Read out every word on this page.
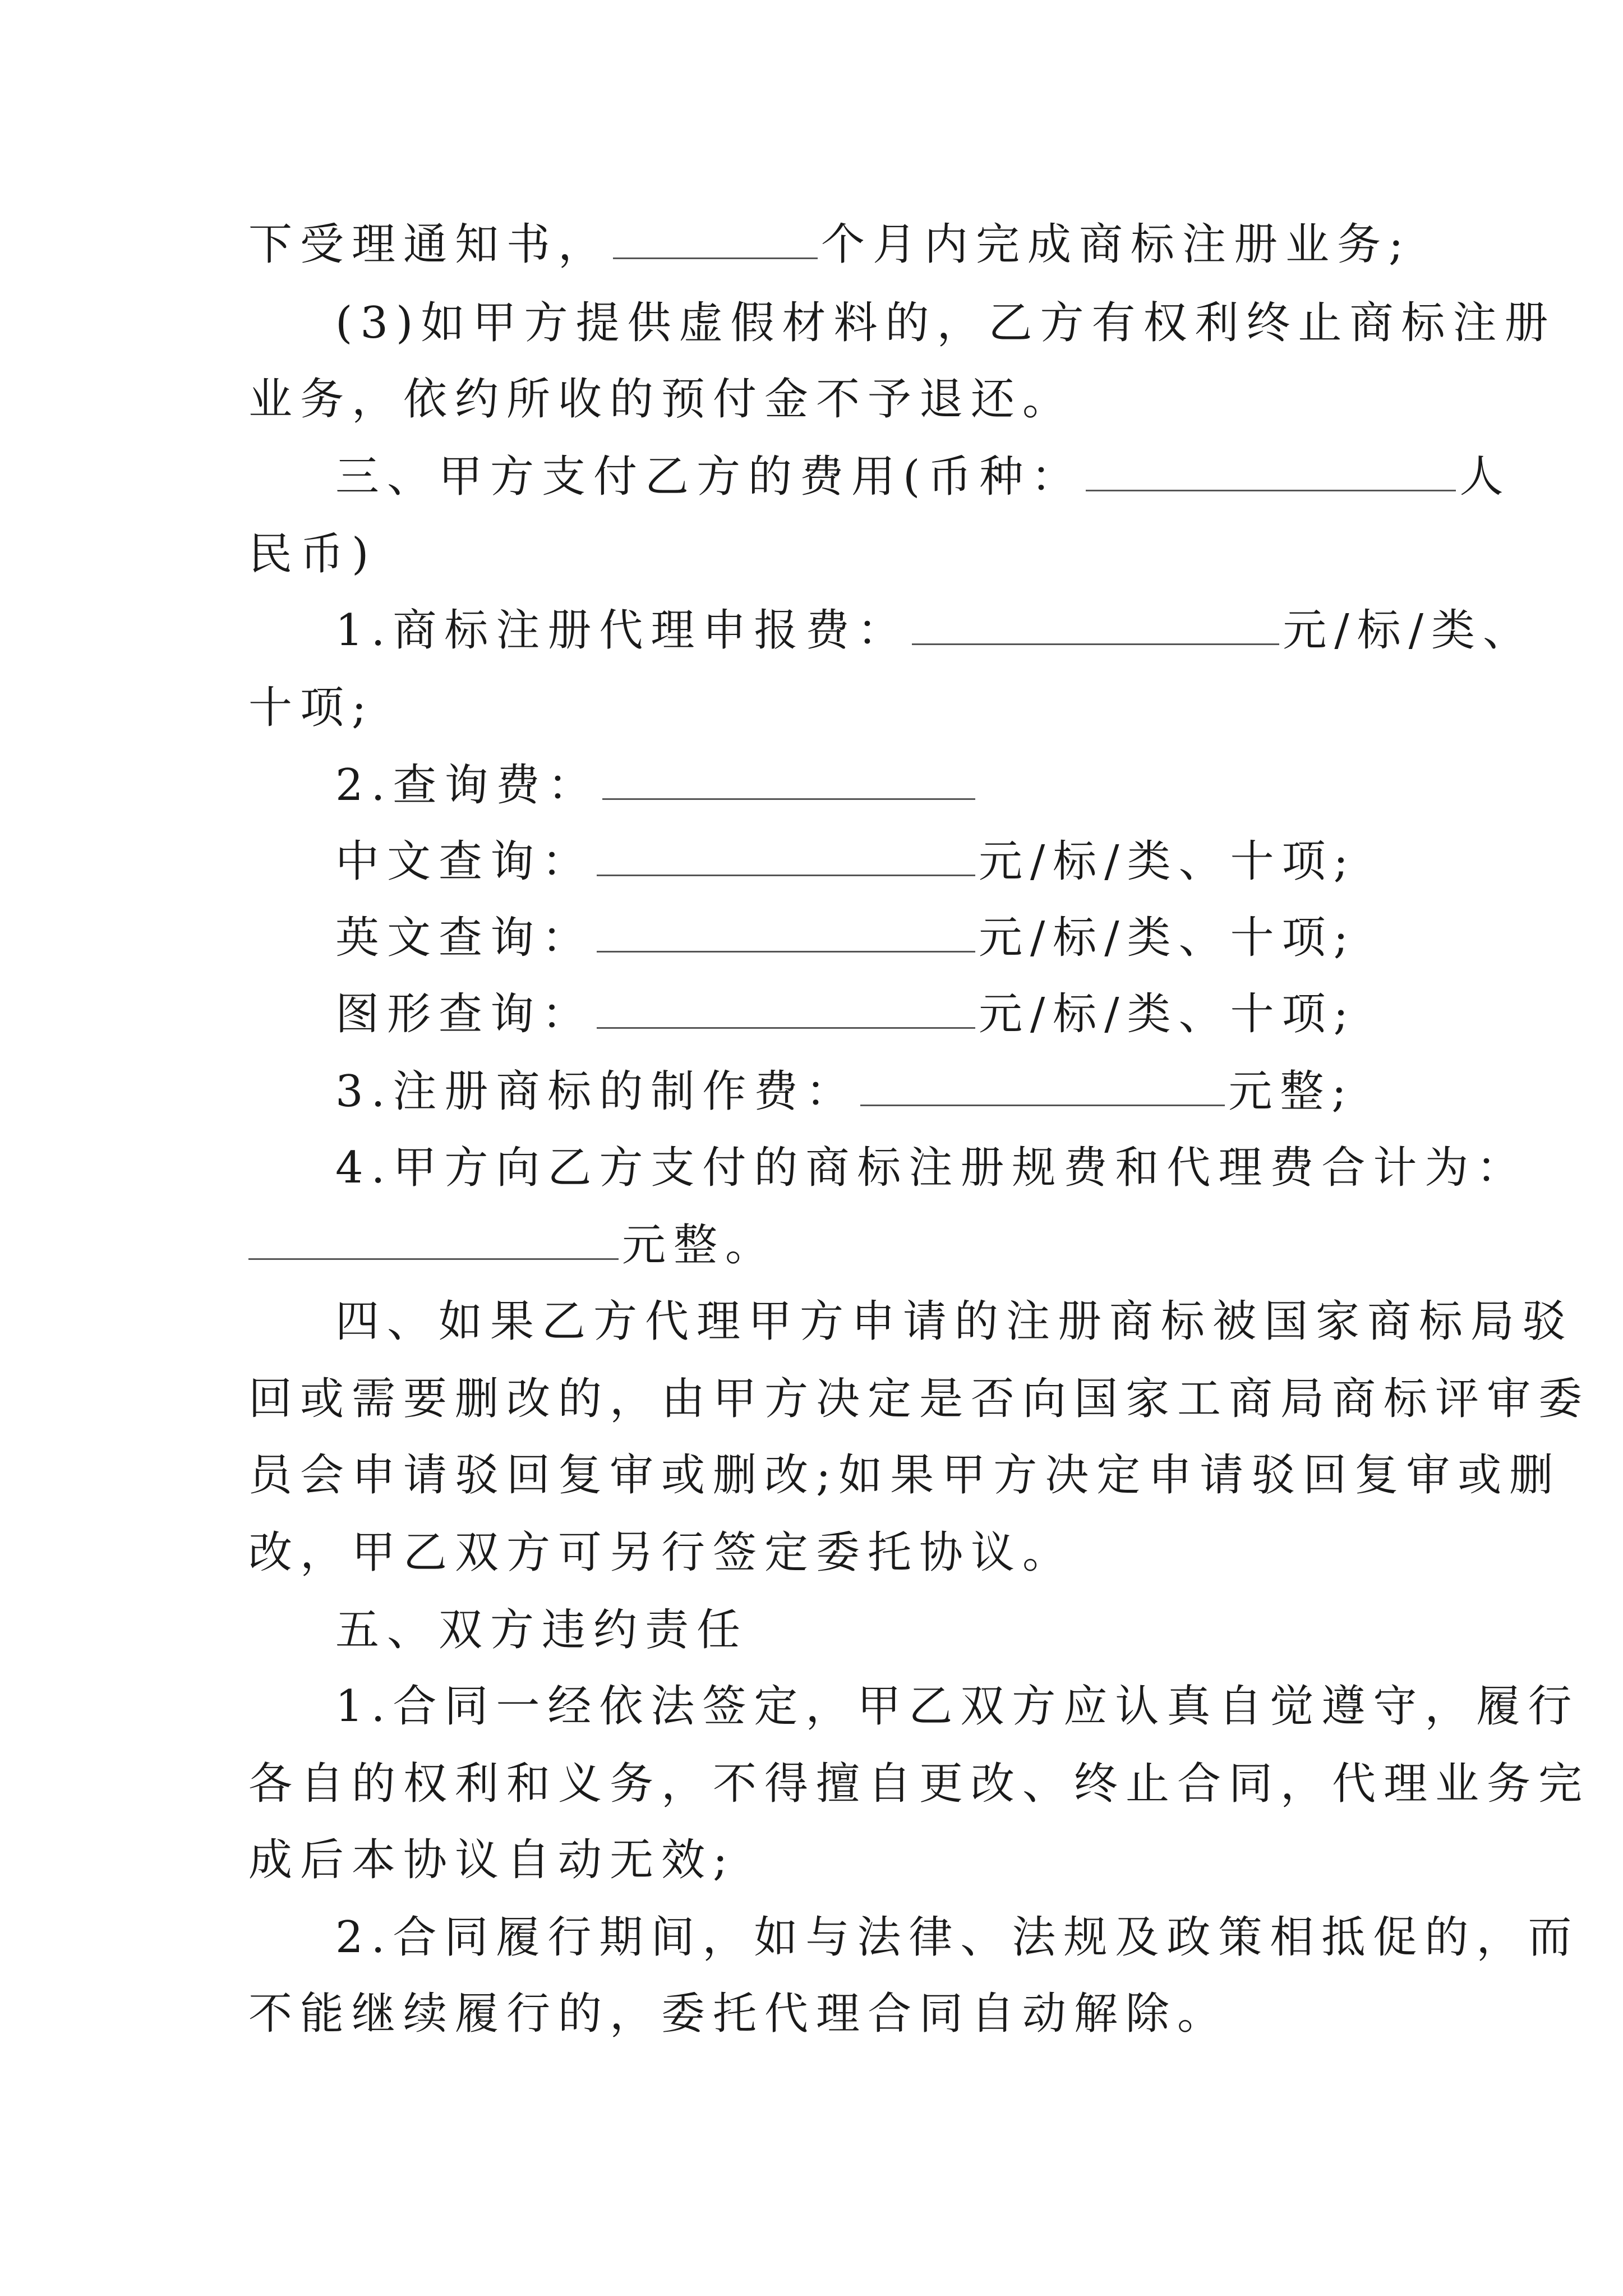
下受理通知书，	个月内完成商标注册业务;
(3)如甲方提供虚假材料的，乙方有权利终止商标注册
业务，依约所收的预付金不予退还。
三、甲方支付乙方的费用(币种：	人
民币)
1.商标注册代理申报费：	元/标/类、
十项;
2.查询费：
中文查询：	元/标/类、十项;
英文查询：	元/标/类、十项;
图形查询：	元/标/类、十项;
3.注册商标的制作费：	元整;
4.甲方向乙方支付的商标注册规费和代理费合计为：
元整。
四、如果乙方代理甲方申请的注册商标被国家商标局驳
回或需要删改的，由甲方决定是否向国家工商局商标评审委
员会申请驳回复审或删改;如果甲方决定申请驳回复审或删
改，甲乙双方可另行签定委托协议。
五、双方违约责任
1.合同一经依法签定，甲乙双方应认真自觉遵守，履行
各自的权利和义务，不得擅自更改、终止合同，代理业务完
成后本协议自动无效;
2.合同履行期间，如与法律、法规及政策相抵促的，而
不能继续履行的，委托代理合同自动解除。
